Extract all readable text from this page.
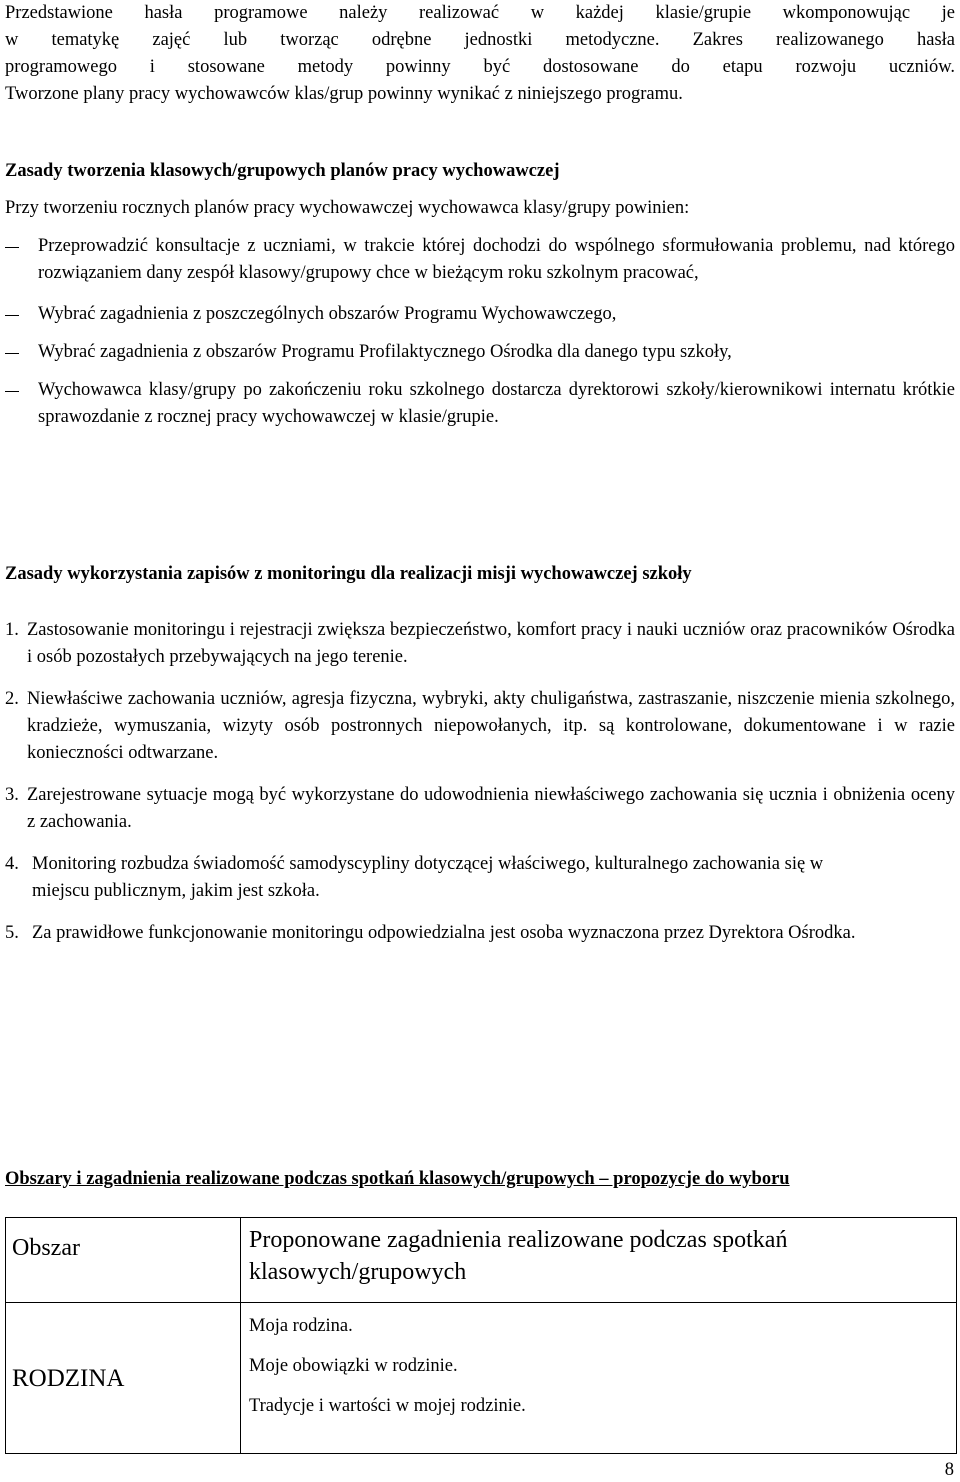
Przedstawione hasła programowe należy realizować w każdej klasie/grupie wkomponowując je

w tematykę zajęć lub tworząc odrębne jednostki metodyczne. Zakres realizowanego hasła

programowego i stosowane metody powinny być dostosowane do etapu rozwoju uczniów.

Tworzone plany pracy wychowawców klas/grup powinny wynikać z niniejszego programu.

Zasady tworzenia klasowych/grupowych planów pracy wychowawczej

Przy tworzeniu rocznych planów pracy wychowawczej wychowawca klasy/grupy powinien:

Przeprowadzić konsultacje z uczniami, w trakcie której dochodzi do wspólnego sformułowania problemu, nad którego rozwiązaniem dany zespół klasowy/grupowy chce w bieżącym roku szkolnym pracować,

Wybrać zagadnienia z poszczególnych obszarów Programu Wychowawczego,

Wybrać zagadnienia z obszarów Programu Profilaktycznego Ośrodka dla danego typu szkoły,

Wychowawca klasy/grupy po zakończeniu roku szkolnego dostarcza dyrektorowi szkoły/kierownikowi internatu krótkie sprawozdanie z rocznej pracy wychowawczej w klasie/grupie.

Zasady wykorzystania zapisów z monitoringu dla realizacji misji wychowawczej szkoły

1. Zastosowanie monitoringu i rejestracji zwiększa bezpieczeństwo, komfort pracy i nauki uczniów oraz pracowników Ośrodka i osób pozostałych przebywających na jego terenie.

2. Niewłaściwe zachowania uczniów, agresja fizyczna, wybryki, akty chuligaństwa, zastraszanie, niszczenie mienia szkolnego, kradzieże, wymuszania, wizyty osób postronnych niepowołanych, itp. są kontrolowane, dokumentowane i w razie konieczności odtwarzane.

3. Zarejestrowane sytuacje mogą być wykorzystane do udowodnienia niewłaściwego zachowania się ucznia i obniżenia oceny z zachowania.

4. Monitoring rozbudza świadomość samodyscypliny dotyczącej właściwego, kulturalnego zachowania się w miejscu publicznym, jakim jest szkoła.

5. Za prawidłowe funkcjonowanie monitoringu odpowiedzialna jest osoba wyznaczona przez Dyrektora Ośrodka.

Obszary i zagadnienia realizowane podczas spotkań klasowych/grupowych – propozycje do wyboru

Obszar	Proponowane zagadnienia realizowane podczas spotkań klasowych/grupowych
RODZINA	Moja rodzina.

Moje obowiązki w rodzinie.

Tradycje i wartości w mojej rodzinie.

8
